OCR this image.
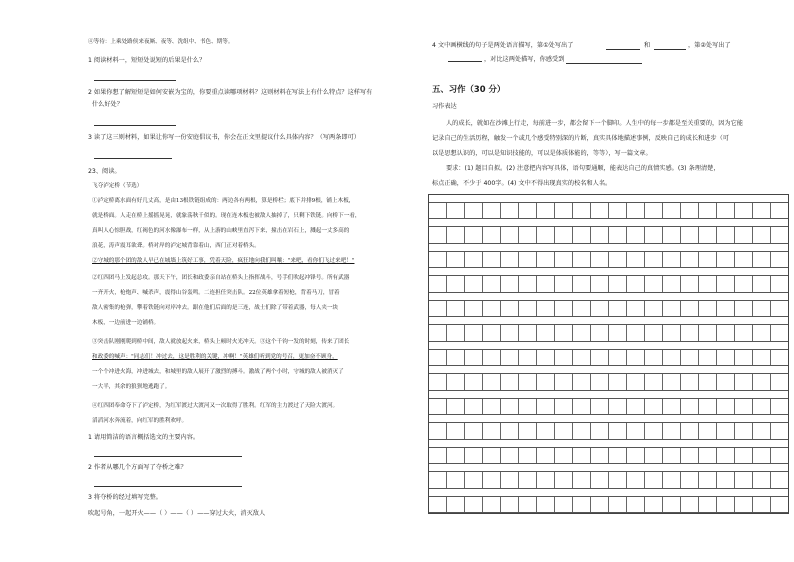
④等待：上乘处路侯来夜厮、夜等、洗组中、书色、期等。
1 阅读材料一，短短处说短的后果是什么？
2 如果你想了解短短是如何安嵌为宝的，你要重点读哪项材料？这则材料在写法上有什么特点？这样写有
什么好处？
3 读了这三则材料，如果让你写一份安庭倡议书，你会在正文里提议什么具体内容？（写两条即可）
23、阅读。
飞夺泸定桥（节选）
①泸定桥离水面有好几丈高，是由13根铁链组成的：两边各有两根，算是桥栏；底下并排9根，铺上木板，
就是桥面。人走在桥上摇摇晃晃，就象荡秋千似的。现在连木板也被敌人抽掉了，只剩下铁链。向桥下一看，
真叫人心惊胆战，红褐色的河水像瀑布一样，从上游的山峡里直泻下来，撞击在岩石上，溅起一丈多高的
浪花，涛声震耳欲聋。桥对岸的泸定城背靠着山，西门正对着桥头。
②守城的那个团的敌人早已在城墙上筑好工事，凭着天险，疯狂地向我们叫嚷："来吧，看你们飞过来吧！"
②红四团马上发起总攻。那天下午，团长和政委亲自站在桥头上指挥战斗，号手们吹起冲锋号。所有武器
一齐开火，枪炮声、喊杀声，震得山谷轰鸣。二连担任突击队。22位英雄拿着短枪，背着马刀，冒着
敌人密集的枪弹，攀着铁链向对岸冲去。跟在他们后面的是三连，战士们除了带着武器，每人夹一块
木板，一边前进一边铺桥。
③突击队刚刚爬到桥中间，敌人就放起火来，桥头上顿时火光冲天。③这个千钧一发的时刻，传来了团长
和政委的喊声："同志们！冲过去，这是胜利的关键，冲啊！"英雄们听到党的号召，更加奋不顾身，
一个个冲进火海，冲进城去，和城里的敌人展开了激烈的搏斗。激战了两个小时，守城的敌人被消灭了
一大半，其余的狼狈地逃跑了。
④红四团奉命夺下了泸定桥，为红军渡过大渡河又一次取得了胜利。红军的主力渡过了天险大渡河。
滔滔河水奔流着，向红军的胜利欢呼。
1 请用简洁的语言概括选文的主要内容。
2 作者从哪几个方面写了夺桥之难？
3 将夺桥的经过填写完整。
吹起号角，一起开火——（ ）——（ ）——穿过大火，消灭敌人
4 文中画横线的句子是两处语言描写，第①处写出了	和	，第②处写出了
，对比这两处描写，你感受到
五、习作（30 分）
习作表达
人的成长，就如在沙滩上行走，每前进一步，都会留下一个脚印。人生中的每一步都是至关重要的，因为它能
记录自己的生活历程，触发一个或几个感受特别深的片断，真实具体地描述事例，反映自己的成长和进步（可
以是思想认识的，可以是知识技能的，可以是体质体能的，等等），写一篇文章。
要求：(1) 题目自拟。(2) 注意把内容写具体，语句要通顺，能表达自己的真情实感。(3) 条理清楚，
标点正确，不少于 400字。(4) 文中不得出现真实的校名和人名。
